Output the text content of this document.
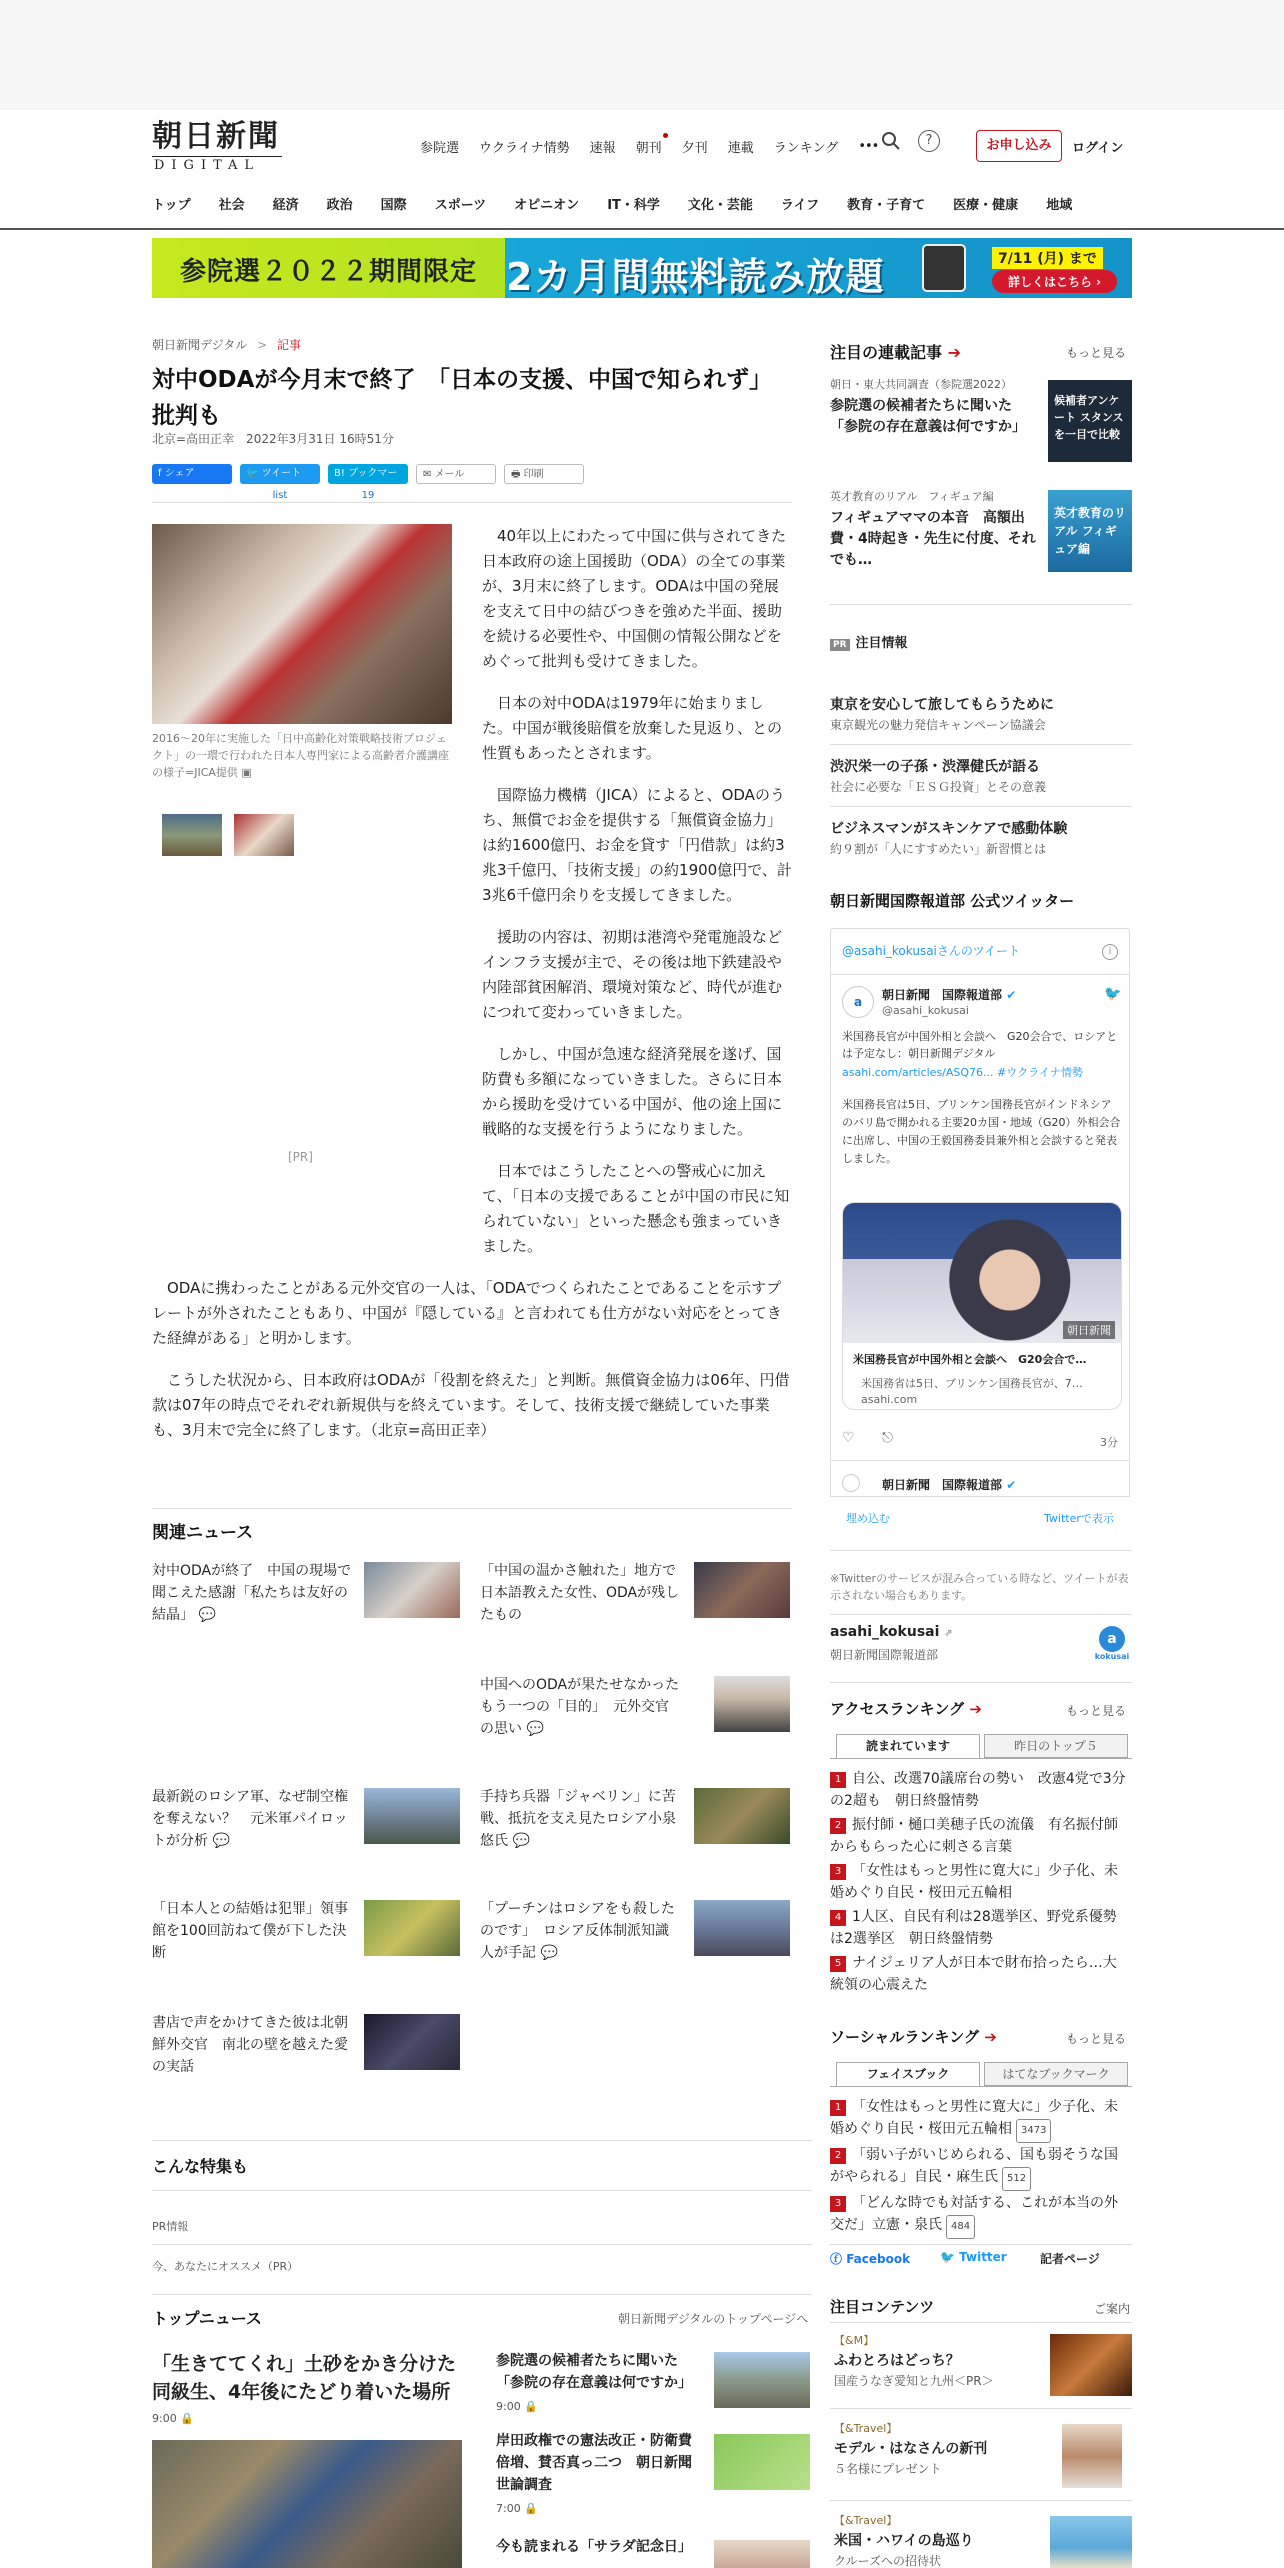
朝日新聞
DIGITAL
参院選 ウクライナ情勢 速報 朝刊 夕刊 連載 ランキング •••	?	お申し込み	ログイン
トップ 社会 経済 政治 国際 スポーツ オピニオン IT・科学 文化・芸能 ライフ 教育・子育て 医療・健康 地域
参院選２０２２期間限定 2カ月間無料読み放題	7/11 (月) まで
詳しくはこちら ›
朝日新聞デジタル > 記事
対中ODAが今月末で終了　「日本の支援、中国で知られず」批判も
北京=高田正幸　2022年3月31日 16時51分
f シェア	🐦 ツイート
list
B! ブックマーク	19
✉ メール	🖶 印刷
2016～20年に実施した「日中高齢化対策戦略技術プロジェクト」の一環で行われた日本人専門家による高齢者介護講座の様子=JICA提供 ▣
[PR]

40年以上にわたって中国に供与されてきた日本政府の途上国援助（ODA）の全ての事業が、3月末に終了します。ODAは中国の発展を支えて日中の結びつきを強めた半面、援助を続ける必要性や、中国側の情報公開などをめぐって批判も受けてきました。

日本の対中ODAは1979年に始まりました。中国が戦後賠償を放棄した見返り、との性質もあったとされます。

国際協力機構（JICA）によると、ODAのうち、無償でお金を提供する「無償資金協力」は約1600億円、お金を貸す「円借款」は約3兆3千億円、「技術支援」の約1900億円で、計3兆6千億円余りを支援してきました。

援助の内容は、初期は港湾や発電施設などインフラ支援が主で、その後は地下鉄建設や内陸部貧困解消、環境対策など、時代が進むにつれて変わっていきました。

しかし、中国が急速な経済発展を遂げ、国防費も多額になっていきました。さらに日本から援助を受けている中国が、他の途上国に戦略的な支援を行うようになりました。

日本ではこうしたことへの警戒心に加えて、「日本の支援であることが中国の市民に知られていない」といった懸念も強まっていきました。

ODAに携わったことがある元外交官の一人は、「ODAでつくられたことであることを示すプレートが外されたこともあり、中国が『隠している』と言われても仕方がない対応をとってきた経緯がある」と明かします。

こうした状況から、日本政府はODAが「役割を終えた」と判断。無償資金協力は06年、円借款は07年の時点でそれぞれ新規供与を終えています。そして、技術支援で継続していた事業も、3月末で完全に終了します。（北京=高田正幸）

関連ニュース
対中ODAが終了　中国の現場で聞こえた感謝「私たちは友好の結晶」 💬
「中国の温かさ触れた」地方で日本語教えた女性、ODAが残したもの
中国へのODAが果たせなかったもう一つの「目的」　元外交官の思い 💬
最新鋭のロシア軍、なぜ制空権を奪えない？　元米軍パイロットが分析 💬
手持ち兵器「ジャベリン」に苦戦、抵抗を支え見たロシア小泉悠氏 💬
「日本人との結婚は犯罪」領事館を100回訪ねて僕が下した決断
「プーチンはロシアをも殺したのです」　ロシア反体制派知識人が手記 💬
書店で声をかけてきた彼は北朝鮮外交官　南北の壁を越えた愛の実話
こんな特集も
PR情報
今、あなたにオススメ（PR）
トップニュース	朝日新聞デジタルのトップページへ
「生きててくれ」土砂をかき分けた同級生、4年後にたどり着いた場所
9:00 🔒
参院選の候補者たちに聞いた「参院の存在意義は何ですか」
9:00 🔒
岸田政権での憲法改正・防衛費倍増、賛否真っ二つ　朝日新聞世論調査
7:00 🔒
今も読まれる「サラダ記念日」
注目の連載記事 ➔	もっと見る
朝日・東大共同調査（参院選2022）
参院選の候補者たちに聞いた「参院の存在意義は何ですか」
候補者アンケート スタンスを一目で比較
英才教育のリアル　フィギュア編
フィギュアママの本音　高額出費・4時起き・先生に付度、それでも…
英才教育のリアル フィギュア編
PR 注目情報
東京を安心して旅してもらうために
東京観光の魅力発信キャンペーン協議会
渋沢栄一の子孫・渋澤健氏が語る
社会に必要な「ＥＳＧ投資」とその意義
ビジネスマンがスキンケアで感動体験
約９割が「人にすすめたい」新習慣とは
朝日新聞国際報道部 公式ツイッター
@asahi_kokusaiさんのツイート	i
a	朝日新聞　国際報道部 ✔
@asahi_kokusai
🐦
米国務長官が中国外相と会談へ　G20会合で、ロシアとは予定なし：朝日新聞デジタル
asahi.com/articles/ASQ76... #ウクライナ情勢
米国務長官は5日、ブリンケン国務長官がインドネシアのバリ島で開かれる主要20カ国・地域（G20）外相会合に出席し、中国の王毅国務委員兼外相と会談すると発表しました。
朝日新聞
米国務長官が中国外相と会談へ　G20会合で…
米国務省は5日、ブリンケン国務長官が、7…
asahi.com
♡ ⎋	3分
朝日新聞　国際報道部 ✔
埋め込む	Twitterで表示
※Twitterのサービスが混み合っている時など、ツイートが表示されない場合もあります。
asahi_kokusai ⇗
朝日新聞国際報道部
a
kokusai
アクセスランキング ➔	もっと見る
読まれています	昨日のトップ５
1 自公、改選70議席台の勢い　改憲4党で3分の2超も　朝日終盤情勢
2 振付師・樋口美穂子氏の流儀　有名振付師からもらった心に刺さる言葉
3 「女性はもっと男性に寛大に」少子化、未婚めぐり自民・桜田元五輪相
4 1人区、自民有利は28選挙区、野党系優勢は2選挙区　朝日終盤情勢
5 ナイジェリア人が日本で財布拾ったら…大統領の心震えた
ソーシャルランキング ➔	もっと見る
フェイスブック	はてなブックマーク
1 「女性はもっと男性に寛大に」少子化、未婚めぐり自民・桜田元五輪相 3473
2 「弱い子がいじめられる、国も弱そうな国がやられる」自民・麻生氏 512
3 「どんな時でも対話する、これが本当の外交だ」立憲・泉氏 484
ⓕ Facebook 🐦 Twitter	記者ページ
注目コンテンツ	ご案内
【&M】
ふわとろはどっち？
国産うなぎ愛知と九州＜PR＞
【&Travel】
モデル・はなさんの新刊
５名様にプレゼント
【&Travel】
米国・ハワイの島巡り
クルーズへの招待状
